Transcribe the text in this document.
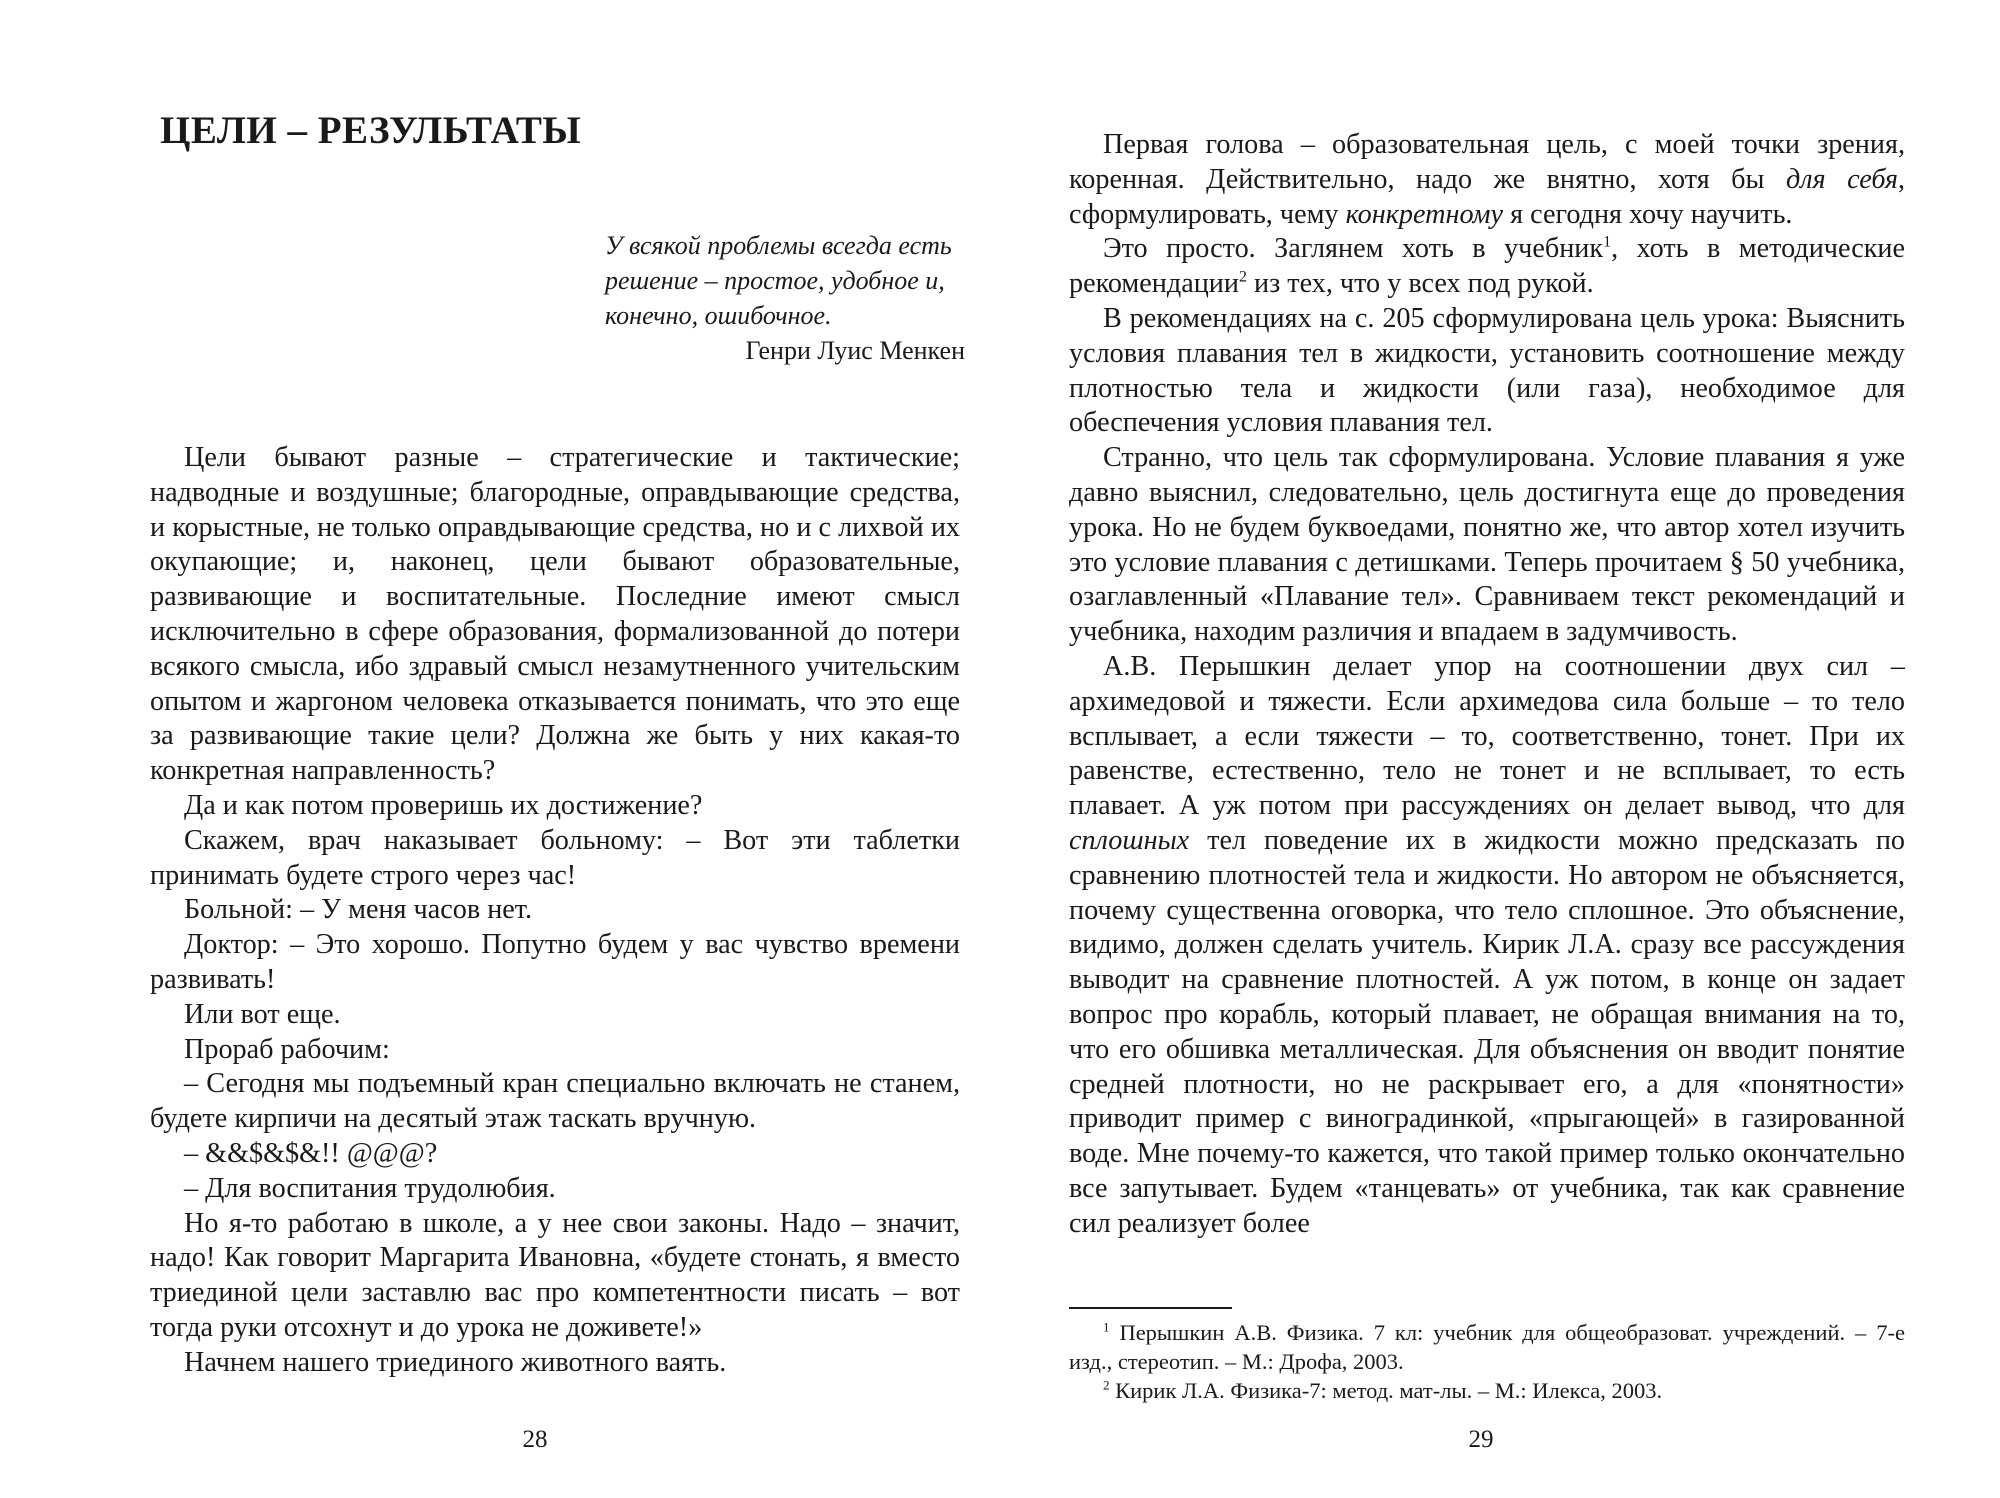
ЦЕЛИ – РЕЗУЛЬТАТЫ
У всякой проблемы всегда есть
решение – простое, удобное и,
конечно, ошибочное.
Генри Луис Менкен

Цели бывают разные – стратегические и тактические; надводные и воздушные; благородные, оправдывающие средства, и корыстные, не только оправдывающие средства, но и с лихвой их окупающие; и, наконец, цели бывают образовательные, развивающие и воспитательные. Последние имеют смысл исключительно в сфере образования, формализованной до потери всякого смысла, ибо здравый смысл незамутненного учительским опытом и жаргоном человека отказывается понимать, что это еще за развивающие такие цели? Должна же быть у них какая-то конкретная направленность?

Да и как потом проверишь их достижение?

Скажем, врач наказывает больному: – Вот эти таблетки принимать будете строго через час!

Больной: – У меня часов нет.

Доктор: – Это хорошо. Попутно будем у вас чувство времени развивать!

Или вот еще.

Прораб рабочим:

– Сегодня мы подъемный кран специально включать не станем, будете кирпичи на десятый этаж таскать вручную.

– &&$&$&!! @@@?

– Для воспитания трудолюбия.

Но я-то работаю в школе, а у нее свои законы. Надо – значит, надо! Как говорит Маргарита Ивановна, «будете стонать, я вместо триединой цели заставлю вас про компетентности писать – вот тогда руки отсохнут и до урока не доживете!»

Начнем нашего триединого животного ваять.

28

Первая голова – образовательная цель, с моей точки зрения, коренная. Действительно, надо же внятно, хотя бы для себя, сформулировать, чему конкретному я сегодня хочу научить.

Это просто. Заглянем хоть в учебник$^1$, хоть в методические рекомендации$^2$ из тех, что у всех под рукой.

В рекомендациях на с. 205 сформулирована цель урока: Выяснить условия плавания тел в жидкости, установить соотношение между плотностью тела и жидкости (или газа), необходимое для обеспечения условия плавания тел.

Странно, что цель так сформулирована. Условие плавания я уже давно выяснил, следовательно, цель достигнута еще до проведения урока. Но не будем буквоедами, понятно же, что автор хотел изучить это условие плавания с детишками. Теперь прочитаем § 50 учебника, озаглавленный «Плавание тел». Сравниваем текст рекомендаций и учебника, находим различия и впадаем в задумчивость.

А.В. Перышкин делает упор на соотношении двух сил – архимедовой и тяжести. Если архимедова сила больше – то тело всплывает, а если тяжести – то, соответственно, тонет. При их равенстве, естественно, тело не тонет и не всплывает, то есть плавает. А уж потом при рассуждениях он делает вывод, что для сплошных тел поведение их в жидкости можно предсказать по сравнению плотностей тела и жидкости. Но автором не объясняется, почему существенна оговорка, что тело сплошное. Это объяснение, видимо, должен сделать учитель. Кирик Л.А. сразу все рассуждения выводит на сравнение плотностей. А уж потом, в конце он задает вопрос про корабль, который плавает, не обращая внимания на то, что его обшивка металлическая. Для объяснения он вводит понятие средней плотности, но не раскрывает его, а для «понятности» приводит пример с виноградинкой, «прыгающей» в газированной воде. Мне почему-то кажется, что такой пример только окончательно все запутывает. Будем «танцевать» от учебника, так как сравнение сил реализует более

$^1$ Перышкин А.В. Физика. 7 кл: учебник для общеобразоват. учреждений. – 7-е изд., стереотип. – М.: Дрофа, 2003.

$^2$ Кирик Л.А. Физика-7: метод. мат-лы. – М.: Илекса, 2003.

29
